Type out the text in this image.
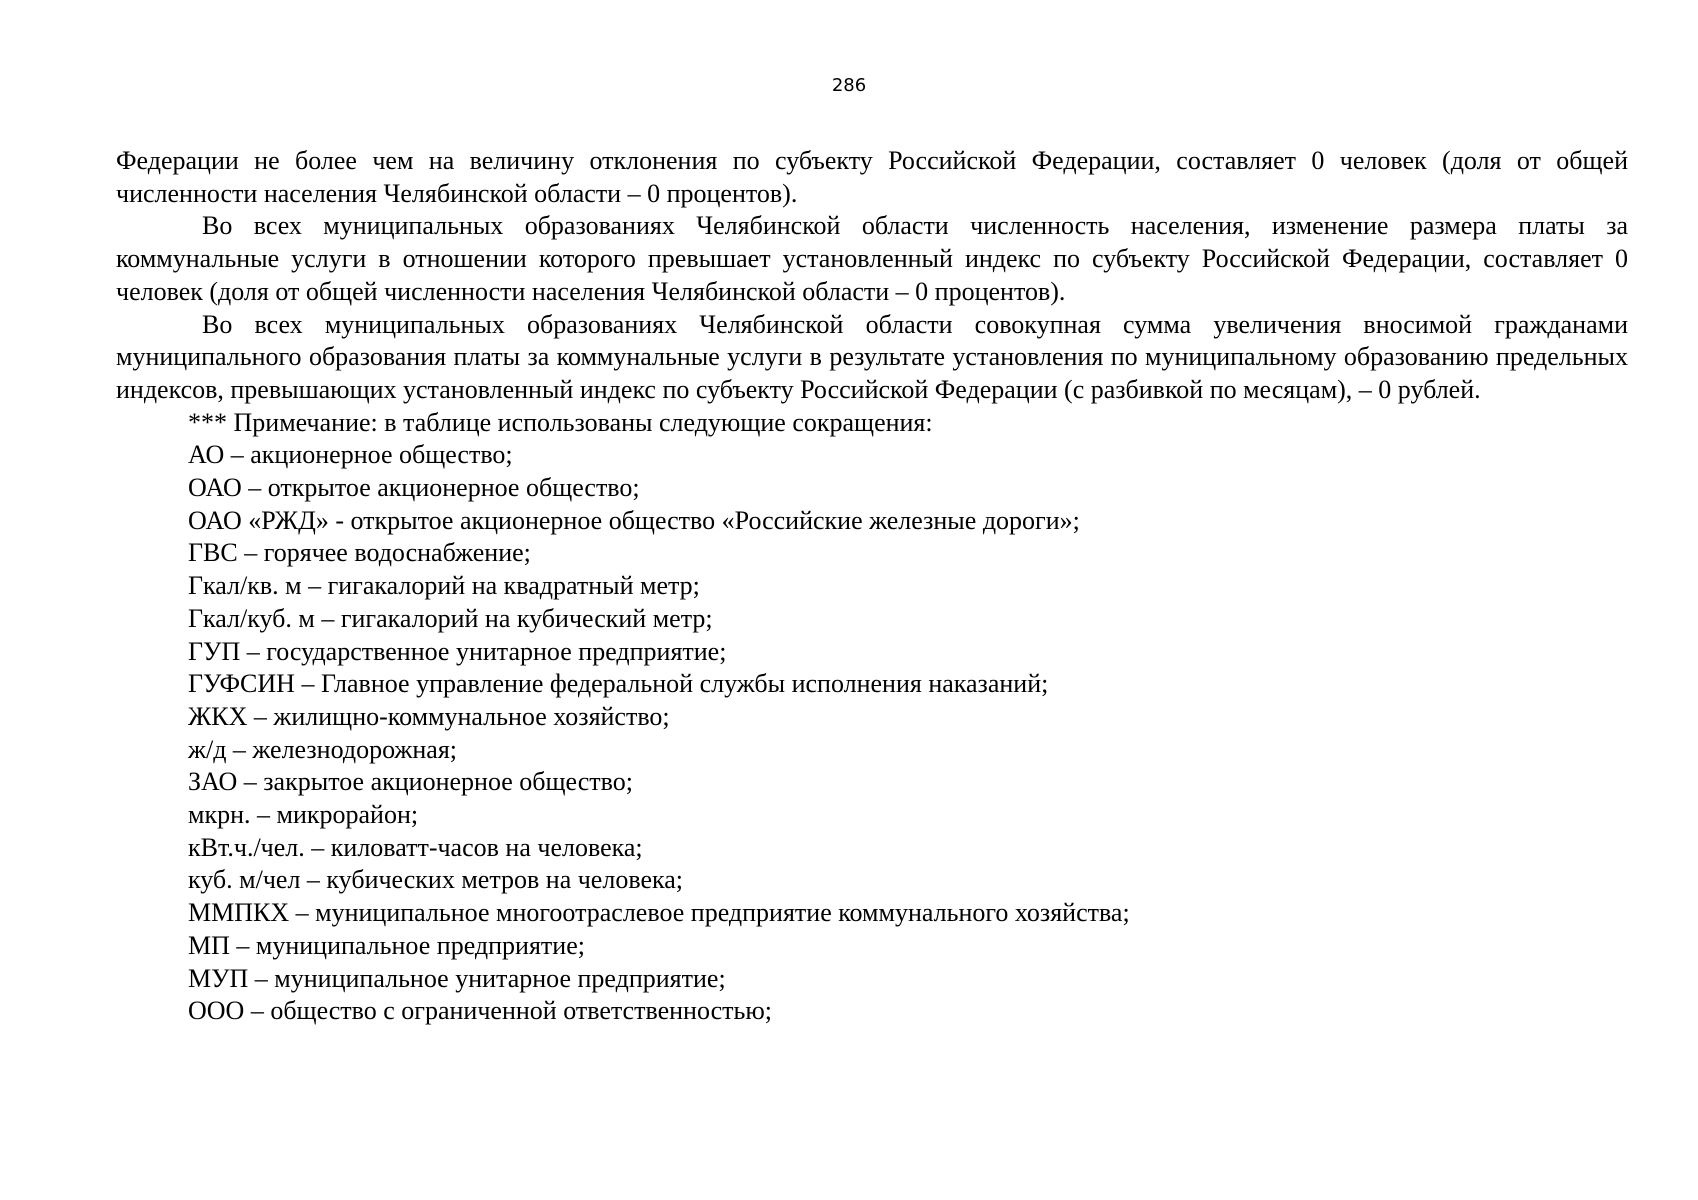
286

Федерации не более чем на величину отклонения по субъекту Российской Федерации, составляет 0 человек (доля от общей численности населения Челябинской области – 0 процентов).

Во всех муниципальных образованиях Челябинской области численность населения, изменение размера платы за коммунальные услуги в отношении которого превышает установленный индекс по субъекту Российской Федерации, составляет 0 человек (доля от общей численности населения Челябинской области – 0 процентов).

Во всех муниципальных образованиях Челябинской области совокупная сумма увеличения вносимой гражданами муниципального образования платы за коммунальные услуги в результате установления по муниципальному образованию предельных индексов, превышающих установленный индекс по субъекту Российской Федерации (с разбивкой по месяцам), – 0 рублей.

*** Примечание: в таблице использованы следующие сокращения:

АО – акционерное общество;

ОАО – открытое акционерное общество;

ОАО «РЖД» - открытое акционерное общество «Российские железные дороги»;

ГВС – горячее водоснабжение;

Гкал/кв. м – гигакалорий на квадратный метр;

Гкал/куб. м – гигакалорий на кубический метр;

ГУП – государственное унитарное предприятие;

ГУФСИН – Главное управление федеральной службы исполнения наказаний;

ЖКХ – жилищно-коммунальное хозяйство;

ж/д – железнодорожная;

ЗАО – закрытое акционерное общество;

мкрн. – микрорайон;

кВт.ч./чел. – киловатт-часов на человека;

куб. м/чел – кубических метров на человека;

ММПКХ – муниципальное многоотраслевое предприятие коммунального хозяйства;

МП – муниципальное предприятие;

МУП – муниципальное унитарное предприятие;

ООО – общество с ограниченной ответственностью;
